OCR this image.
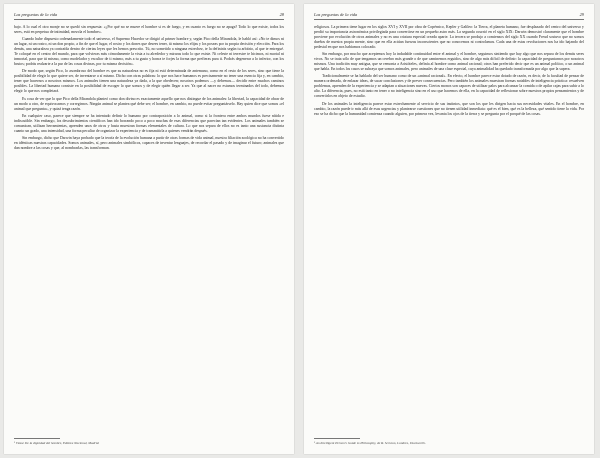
Las preguntas de la vida	28

bajo. A lo cual el otro monje no se quedó sin respuesta: «¿Por qué no se muere el hombre si es de fuego, y en cuanto es fuego no se apaga? Todo lo que existe, todos los seres, está en perpetua de intimidad, mezcla el hombre».

Cuando hube dispuesto ordenadamente todo el universo, el Supremo Hacedor se dirigió al primer hombre y, según Pico della Mirandola, le habló así: «No te dimos ni un lugar, ni un rostro, ni un don propio, a fin de que el lugar, el rostro y los dones que desees tener, tú mismo los elijas y los poseas por tu propia decisión y elección. Para los demás, una naturaleza ya contraída dentro de ciertas leyes que les hemos prescrito. Tú, no sometido a ninguna estrechez, te la definirás según tu arbitrio, al que te entregué. Te coloqué en el centro del mundo, para que volvieras más cómodamente la vista a tu alrededor y miraras todo lo que existe. Ni celeste ni terrestre te hicimos, ni mortal ni inmortal, para que tú mismo, como modelador y escultor de ti mismo, más a tu gusto y honra te forjes la forma que prefieras para ti. Podrás degenerar a lo inferior, con los brutos; podrás realzarte a la par de las cosas divinas, por tu misma decisión».

De modo que, según Pico, lo asombroso del hombre es que su naturaleza no es fija ni está determinada de antemano, como en el resto de los seres, sino que tiene la posibilidad de elegir lo que quiere ser, de inventarse a sí mismo. Dicho con otras palabras: lo que nos hace humanos es precisamente no tener una esencia fija y, en cambio, tener que hacernos a nosotros mismos. Los animales tienen una naturaleza ya dada, a la que obedecen; nosotros podemos —y debemos— decidir entre muchos caminos posibles. La libertad humana consiste en la posibilidad de escoger lo que somos y de elegir quién llegar a ser. Ya que al nacer no estamos terminados del todo, debemos elegir lo que nos completará.

Es cosa de ver que lo que Pico della Mirandola planteó como don divino es exactamente aquello que nos distingue de los animales: la libertad, la capacidad de obrar de un modo u otro, de equivocarnos y corregirnos. Ningún animal se plantea qué debe ser; el hombre, en cambio, no puede evitar preguntárselo. Hay quien dice que somos «el animal que pregunta», y quizá tenga razón.

En cualquier caso, parece que siempre se ha intentado definir lo humano por contraposición a lo animal, como si la frontera entre ambos mundos fuese nítida e indiscutible. Sin embargo, los descubrimientos científicos han ido borrando poco a poco muchas de esas diferencias que parecían tan evidentes. Los animales también se comunican, utilizan herramientas, aprenden unos de otros y hasta muestran formas elementales de cultura. Lo que nos separa de ellos no es tanto una sustancia distinta cuanto un grado, una intensidad, una forma peculiar de organizar la experiencia y de transmitirla a quienes vendrán después.

Sin embargo, dicho que Darwin haya probado que la teoría de la evolución humana a partir de otras formas de vida animal, nuestra filiación zoológica no ha convertido en idénticas nuestras capacidades. Somos animales, sí, pero animales simbólicos, capaces de inventar lenguajes, de recordar el pasado y de imaginar el futuro; animales que dan nombre a las cosas y que, al nombrarlas, las transforman.

¹ Véase De la dignidad del hombre, Editora Nacional, Madrid.
Las preguntas de la vida	29

religiosos. La primera tiene lugar en los siglos XVI y XVII por obra de Copérnico, Kepler y Galileo: la Tierra, el planeta humano, fue desplazado del centro del universo y perdió su importancia astronómica privilegiada para convertirse en un pequeño astro más. La segunda ocurrió en el siglo XIX: Darwin demostró claramente que el hombre proviene por evolución de otros animales y no es una criatura especial creada aparte. La tercera se produjo a comienzos del siglo XX cuando Freud sostuvo que no somos dueños de nuestra propia mente, sino que en ella actúan fuerzas inconscientes que no conocemos ni controlamos. Cada una de estas revoluciones nos ha ido bajando del pedestal en que nos habíamos colocado.

Sin embargo, por mucho que aceptemos hoy la indudable continuidad entre el animal y el hombre, seguimos sintiendo que hay algo que nos separa de los demás seres vivos. No se trata sólo de que tengamos un cerebro más grande o de que caminemos erguidos, sino de algo más difícil de definir: la capacidad de preguntarnos por nosotros mismos. Una tradición muy antigua, que se remonta a Aristóteles, definía al hombre como animal racional; otros han preferido decir que es un animal político, o un animal que habla. En todos los casos se subraya que somos animales, pero animales de una clase especial, cuya animalidad ha quedado transformada por algo que la supera.

Tradicionalmente se ha hablado del ser humano como de un «animal racional». En efecto, el hombre parece estar dotado de razón, es decir, de la facultad de pensar de manera ordenada, de enlazar ideas, de sacar conclusiones y de prever consecuencias. Pero también los animales muestran formas notables de inteligencia práctica: resuelven problemas, aprenden de la experiencia y se adaptan a situaciones nuevas. Ciertos monos son capaces de utilizar palos para alcanzar la comida o de apilar cajas para subir a lo alto. La diferencia, pues, no está tanto en tener o no inteligencia sino en el uso que hacemos de ella, en la capacidad de reflexionar sobre nuestros propios pensamientos y de convertirlos en objeto de estudio.

De los animales la inteligencia parece estar estrechamente al servicio de sus instintos, que son los que les dirigen hacia sus necesidades vitales. En el hombre, en cambio, la razón puede ir más allá de esas urgencias y plantearse cuestiones que no tienen utilidad inmediata: qué es el bien, qué es la belleza, qué sentido tiene la vida. Por eso se ha dicho que la humanidad comienza cuando alguien, por primera vez, levanta los ojos de la tierra y se pregunta por el porqué de las cosas.

² An Intelligent Person's Guide to Philosophy, de R. Scruton, Londres, Duckworth.
